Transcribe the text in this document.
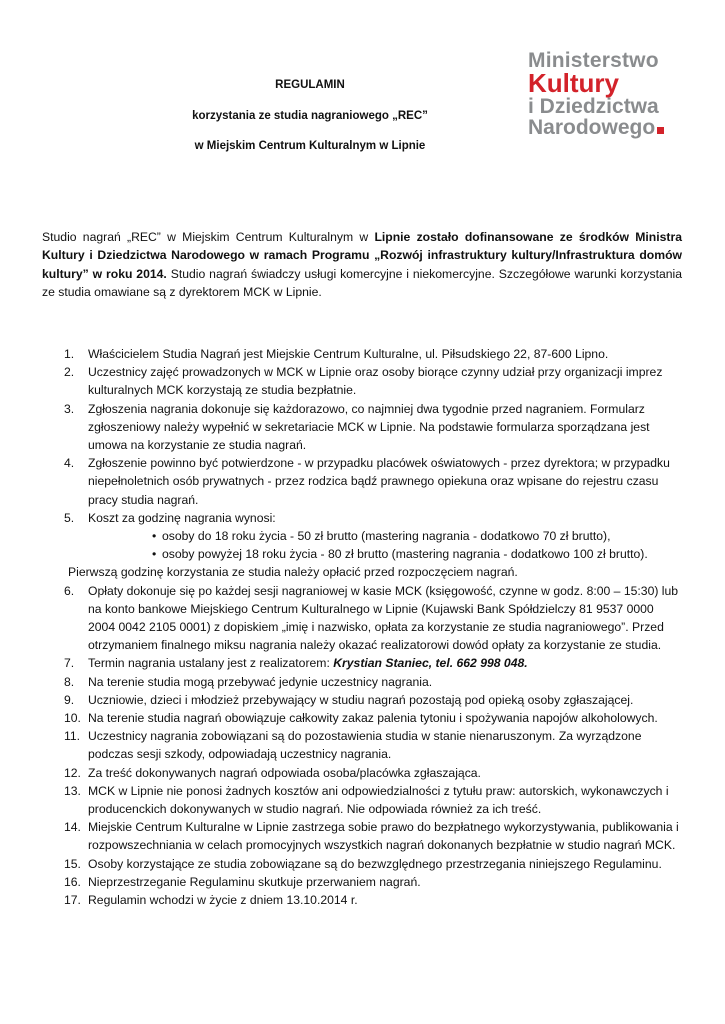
REGULAMIN
korzystania ze studia nagraniowego „REC”
w Miejskim Centrum Kulturalnym w Lipnie
Ministerstwo
Kultury
i Dziedzictwa
Narodowego
Studio nagrań „REC” w Miejskim Centrum Kulturalnym w Lipnie zostało dofinansowane ze środków Ministra Kultury i Dziedzictwa Narodowego w ramach Programu „Rozwój infrastruktury kultury/Infrastruktura domów kultury” w roku 2014. Studio nagrań świadczy usługi komercyjne i niekomercyjne. Szczegółowe warunki korzystania ze studia omawiane są z dyrektorem MCK w Lipnie.
1. Właścicielem Studia Nagrań jest Miejskie Centrum Kulturalne, ul. Piłsudskiego 22, 87-600 Lipno.
2. Uczestnicy zajęć prowadzonych w MCK w Lipnie oraz osoby biorące czynny udział przy organizacji imprez kulturalnych MCK korzystają ze studia bezpłatnie.
3. Zgłoszenia nagrania dokonuje się każdorazowo, co najmniej dwa tygodnie przed nagraniem. Formularz zgłoszeniowy należy wypełnić w sekretariacie MCK w Lipnie. Na podstawie formularza sporządzana jest umowa na korzystanie ze studia nagrań.
4. Zgłoszenie powinno być potwierdzone - w przypadku placówek oświatowych - przez dyrektora; w przypadku niepełnoletnich osób prywatnych - przez rodzica bądź prawnego opiekuna oraz wpisane do rejestru czasu pracy studia nagrań.
5. Koszt za godzinę nagrania wynosi:
• osoby do 18 roku życia - 50 zł brutto (mastering nagrania - dodatkowo 70 zł brutto),
• osoby powyżej 18 roku życia - 80 zł brutto (mastering nagrania - dodatkowo 100 zł brutto).
Pierwszą godzinę korzystania ze studia należy opłacić przed rozpoczęciem nagrań.
6. Opłaty dokonuje się po każdej sesji nagraniowej w kasie MCK (księgowość, czynne w godz. 8:00 – 15:30) lub na konto bankowe Miejskiego Centrum Kulturalnego w Lipnie (Kujawski Bank Spółdzielczy 81 9537 0000 2004 0042 2105 0001) z dopiskiem „imię i nazwisko, opłata za korzystanie ze studia nagraniowego”. Przed otrzymaniem finalnego miksu nagrania należy okazać realizatorowi dowód opłaty za korzystanie ze studia.
7. Termin nagrania ustalany jest z realizatorem: Krystian Staniec, tel. 662 998 048.
8. Na terenie studia mogą przebywać jedynie uczestnicy nagrania.
9. Uczniowie, dzieci i młodzież przebywający w studiu nagrań pozostają pod opieką osoby zgłaszającej.
10. Na terenie studia nagrań obowiązuje całkowity zakaz palenia tytoniu i spożywania napojów alkoholowych.
11. Uczestnicy nagrania zobowiązani są do pozostawienia studia w stanie nienaruszonym. Za wyrządzone podczas sesji szkody, odpowiadają uczestnicy nagrania.
12. Za treść dokonywanych nagrań odpowiada osoba/placówka zgłaszająca.
13. MCK w Lipnie nie ponosi żadnych kosztów ani odpowiedzialności z tytułu praw: autorskich, wykonawczych i producenckich dokonywanych w studio nagrań. Nie odpowiada również za ich treść.
14. Miejskie Centrum Kulturalne w Lipnie zastrzega sobie prawo do bezpłatnego wykorzystywania, publikowania i rozpowszechniania w celach promocyjnych wszystkich nagrań dokonanych bezpłatnie w studio nagrań MCK.
15. Osoby korzystające ze studia zobowiązane są do bezwzględnego przestrzegania niniejszego Regulaminu.
16. Nieprzestrzeganie Regulaminu skutkuje przerwaniem nagrań.
17. Regulamin wchodzi w życie z dniem 13.10.2014 r.
